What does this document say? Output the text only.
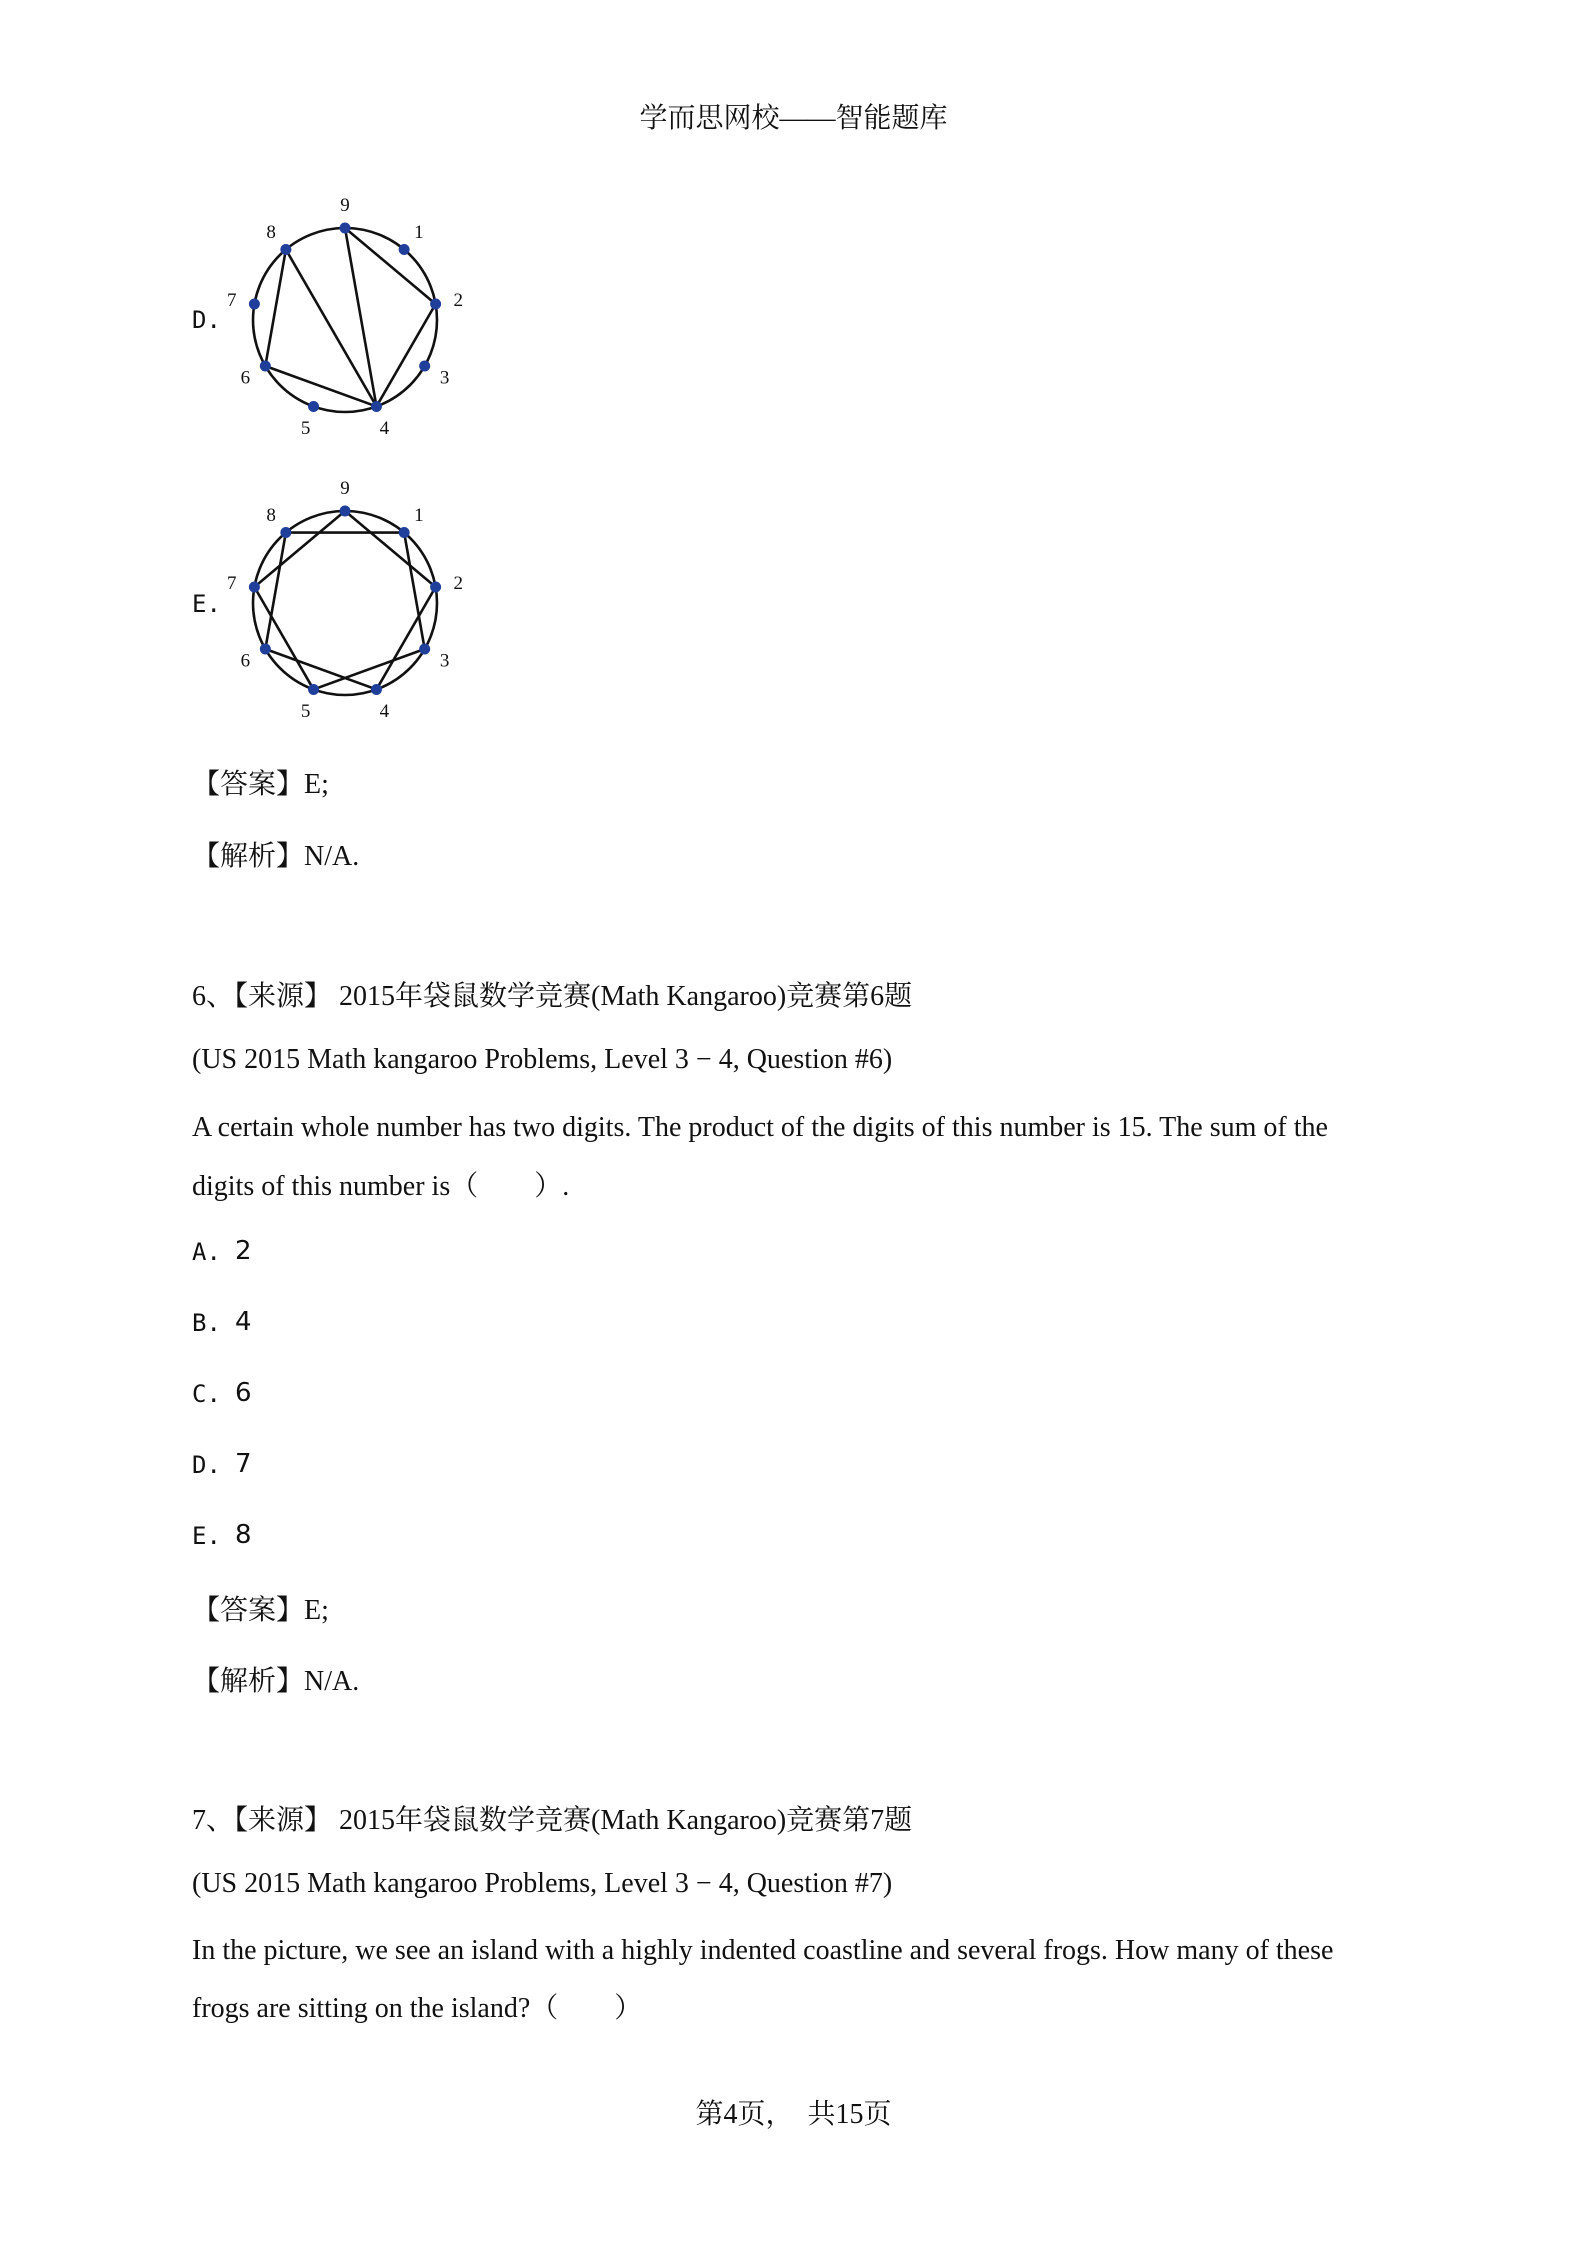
学而思网校——智能题库
D.
1
2
3
4
5
6
7
8
9
E.
1
2
3
4
5
6
7
8
9
【答案】E;
【解析】N/A.
6、【来源】 2015年袋鼠数学竞赛(Math Kangaroo)竞赛第6题
(US 2015 Math kangaroo Problems, Level 3 − 4, Question #6)
A certain whole number has two digits. The product of the digits of this number is 15. The sum of the
digits of this number is（　　）.
A. 2
B. 4
C. 6
D. 7
E. 8
【答案】E;
【解析】N/A.
7、【来源】 2015年袋鼠数学竞赛(Math Kangaroo)竞赛第7题
(US 2015 Math kangaroo Problems, Level 3 − 4, Question #7)
In the picture, we see an island with a highly indented coastline and several frogs. How many of these
frogs are sitting on the island?（　　）
第4页，　共15页
